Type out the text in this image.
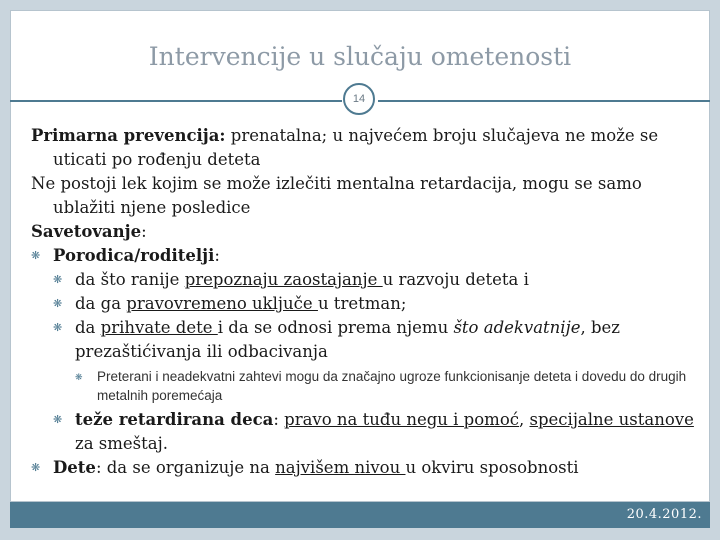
Intervencije u slučaju ometenosti
14

Primarna prevencija: prenatalna; u najvećem broju slučajeva ne može se uticati po rođenju deteta

Ne postoji lek kojim se može izlečiti mentalna retardacija, mogu se samo ublažiti njene posledice

Savetovanje:

❋ Porodica/roditelji:
❋ da što ranije prepoznaju zaostajanje u razvoju deteta i
❋ da ga pravovremeno uključe u tretman;
❋ da prihvate dete i da se odnosi prema njemu što adekvatnije, bez prezaštićivanja ili odbacivanja
❋ Preterani i neadekvatni zahtevi mogu da značajno ugroze funkcionisanje deteta i dovedu do drugih metalnih poremećaja
❋ teže retardirana deca: pravo na tuđu negu i pomoć, specijalne ustanove za smeštaj.
❋ Dete: da se organizuje na najvišem nivou u okviru sposobnosti
20.4.2012.
